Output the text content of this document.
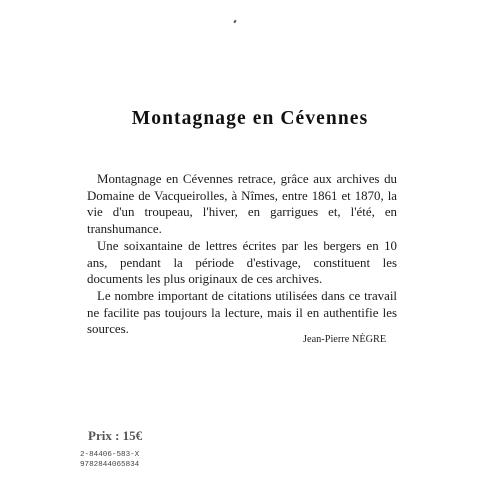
Montagnage en Cévennes

Montagnage en Cévennes retrace, grâce aux archives du Domaine de Vacqueirolles, à Nîmes, entre 1861 et 1870, la vie d'un troupeau, l'hiver, en garrigues et, l'été, en transhumance.

Une soixantaine de lettres écrites par les bergers en 10 ans, pendant la période d'estivage, constituent les documents les plus originaux de ces archives.

Le nombre important de citations utilisées dans ce travail ne facilite pas toujours la lecture, mais il en authentifie les sources.

Jean-Pierre NÈGRE
Prix : 15€
2-84406-583-X
9782844065834
